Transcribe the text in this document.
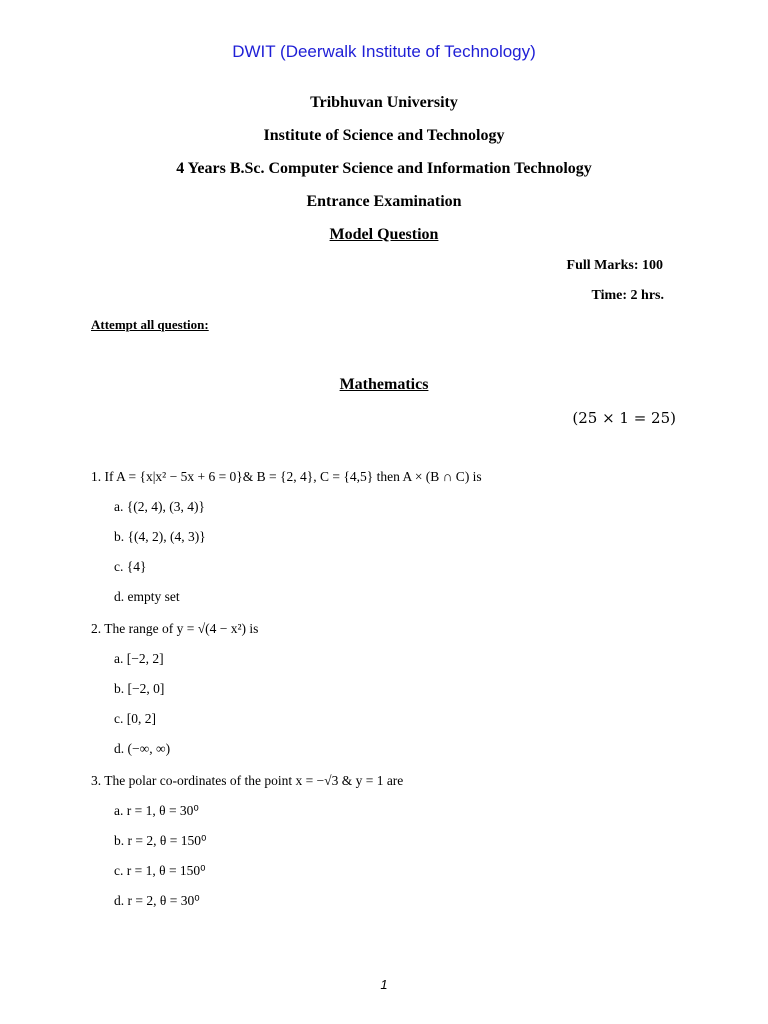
DWIT (Deerwalk Institute of Technology)
Tribhuvan University
Institute of Science and Technology
4 Years B.Sc. Computer Science and Information Technology
Entrance Examination
Model Question
Full Marks: 100
Time: 2 hrs.
Attempt all question:
Mathematics
(25 × 1 = 25)
1. If A = {x|x² − 5x + 6 = 0}& B = {2, 4}, C = {4,5} then A × (B ∩ C) is
a. {(2, 4), (3, 4)}
b. {(4, 2), (4, 3)}
c. {4}
d. empty set
2. The range of y = √(4 − x²) is
a. [−2, 2]
b. [−2, 0]
c. [0, 2]
d. (−∞, ∞)
3. The polar co-ordinates of the point x = −√3 & y = 1 are
a. r = 1, θ = 30⁰
b. r = 2, θ = 150⁰
c. r = 1, θ = 150⁰
d. r = 2, θ = 30⁰
1
